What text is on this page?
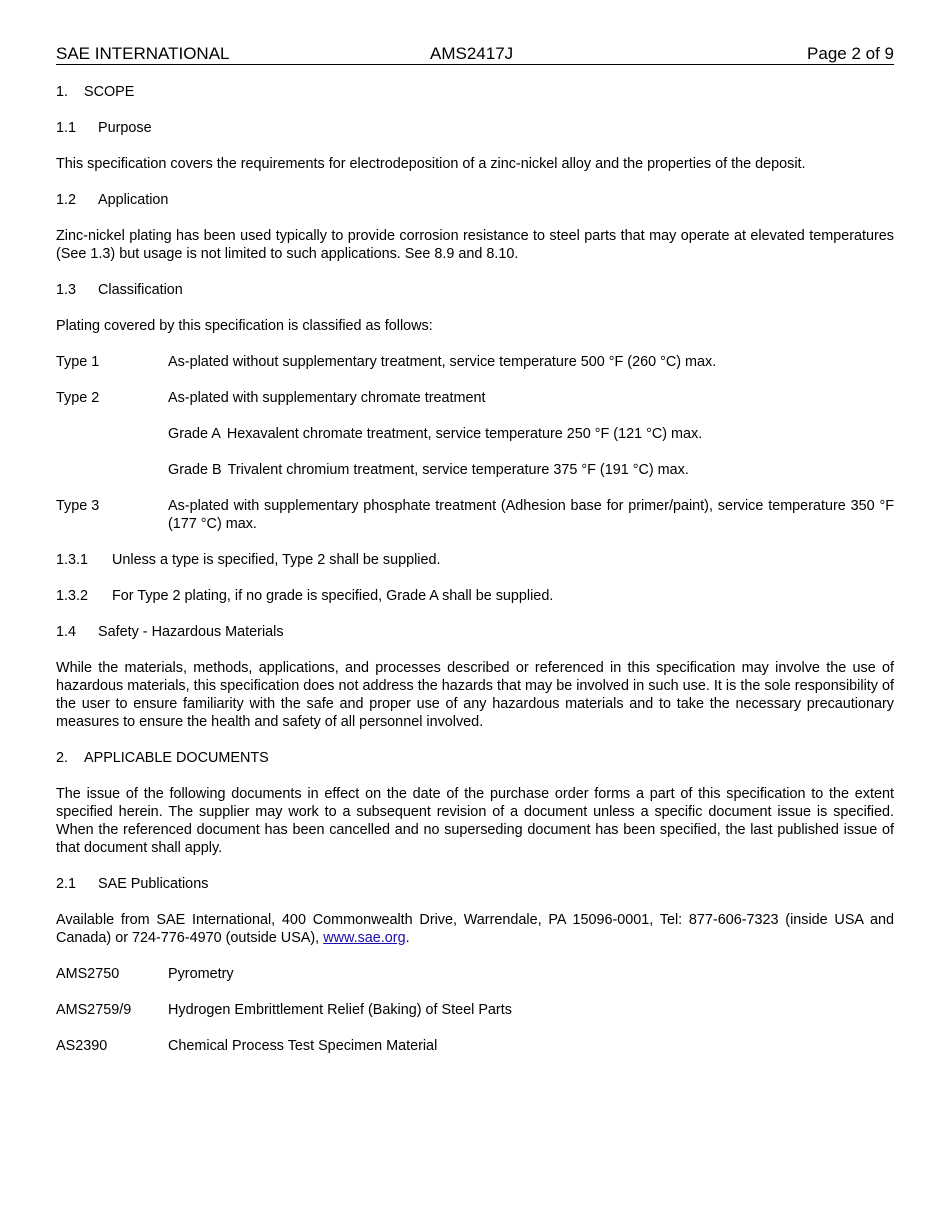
SAE INTERNATIONAL	AMS2417J	Page 2 of 9

1. SCOPE

1.1 Purpose

This specification covers the requirements for electrodeposition of a zinc-nickel alloy and the properties of the deposit.

1.2 Application

Zinc-nickel plating has been used typically to provide corrosion resistance to steel parts that may operate at elevated temperatures (See 1.3) but usage is not limited to such applications. See 8.9 and 8.10.

1.3 Classification

Plating covered by this specification is classified as follows:

Type 1	As-plated without supplementary treatment, service temperature 500 °F (260 °C) max.
Type 2	As-plated with supplementary chromate treatment

Grade A Hexavalent chromate treatment, service temperature 250 °F (121 °C) max.

Grade B Trivalent chromium treatment, service temperature 375 °F (191 °C) max.

Type 3	As-plated with supplementary phosphate treatment (Adhesion base for primer/paint), service temperature 350 °F (177 °C) max.

1.3.1 Unless a type is specified, Type 2 shall be supplied.

1.3.2 For Type 2 plating, if no grade is specified, Grade A shall be supplied.

1.4 Safety - Hazardous Materials

While the materials, methods, applications, and processes described or referenced in this specification may involve the use of hazardous materials, this specification does not address the hazards that may be involved in such use. It is the sole responsibility of the user to ensure familiarity with the safe and proper use of any hazardous materials and to take the necessary precautionary measures to ensure the health and safety of all personnel involved.

2. APPLICABLE DOCUMENTS

The issue of the following documents in effect on the date of the purchase order forms a part of this specification to the extent specified herein. The supplier may work to a subsequent revision of a document unless a specific document issue is specified. When the referenced document has been cancelled and no superseding document has been specified, the last published issue of that document shall apply.

2.1 SAE Publications

Available from SAE International, 400 Commonwealth Drive, Warrendale, PA 15096-0001, Tel: 877-606-7323 (inside USA and Canada) or 724-776-4970 (outside USA), www.sae.org.

AMS2750	Pyrometry
AMS2759/9	Hydrogen Embrittlement Relief (Baking) of Steel Parts
AS2390	Chemical Process Test Specimen Material
